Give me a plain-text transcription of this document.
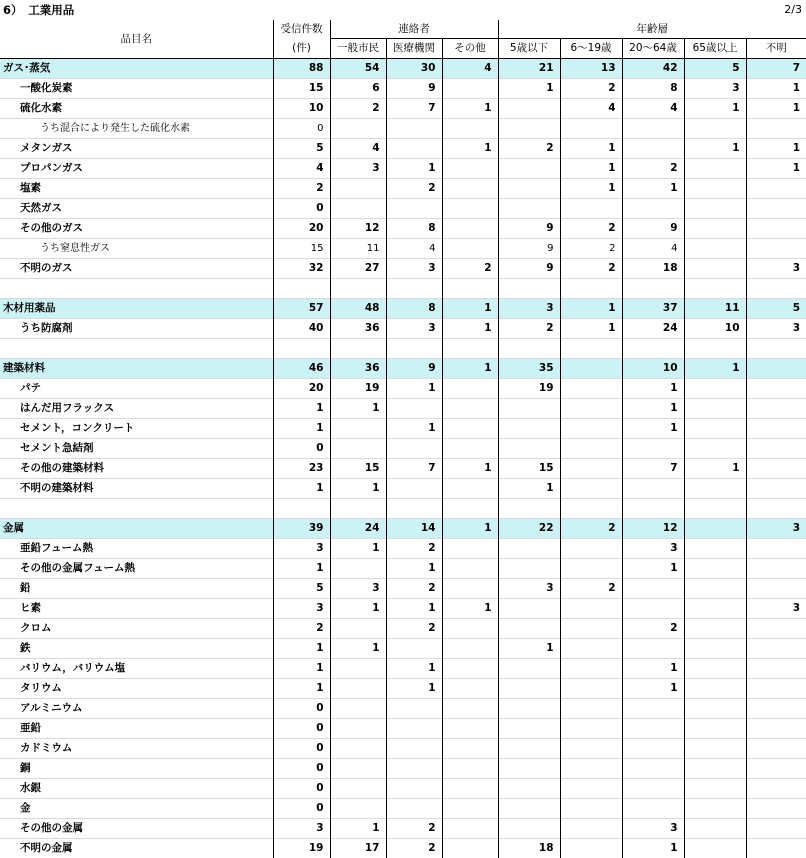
6）　工業用品	2/3
品目名	受信件数	連絡者			年齢層				
	(件)	一般市民	医療機関	その他	5歳以下	6～19歳	20～64歳	65歳以上	不明
ガス･蒸気	88	54	30	4	21	13	42	5	7
一酸化炭素	15	6	9		1	2	8	3	1
硫化水素	10	2	7	1		4	4	1	1
うち混合により発生した硫化水素	0								
メタンガス	5	4		1	2	1		1	1
プロパンガス	4	3	1			1	2		1
塩素	2		2			1	1		
天然ガス	0								
その他のガス	20	12	8		9	2	9		
うち窒息性ガス	15	11	4		9	2	4		
不明のガス	32	27	3	2	9	2	18		3

木材用薬品	57	48	8	1	3	1	37	11	5
うち防腐剤	40	36	3	1	2	1	24	10	3

建築材料	46	36	9	1	35		10	1	
パテ	20	19	1		19		1		
はんだ用フラックス	1	1					1		
セメント，コンクリート	1		1				1		
セメント急結剤	0								
その他の建築材料	23	15	7	1	15		7	1	
不明の建築材料	1	1			1				

金属	39	24	14	1	22	2	12		3
亜鉛フューム熱	3	1	2				3		
その他の金属フューム熱	1		1				1		
鉛	5	3	2		3	2			
ヒ素	3	1	1	1					3
クロム	2		2				2		
鉄	1	1			1				
バリウム，バリウム塩	1		1				1		
タリウム	1		1				1		
アルミニウム	0								
亜鉛	0								
カドミウム	0								
銅	0								
水銀	0								
金	0								
その他の金属	3	1	2				3		
不明の金属	19	17	2		18		1		
